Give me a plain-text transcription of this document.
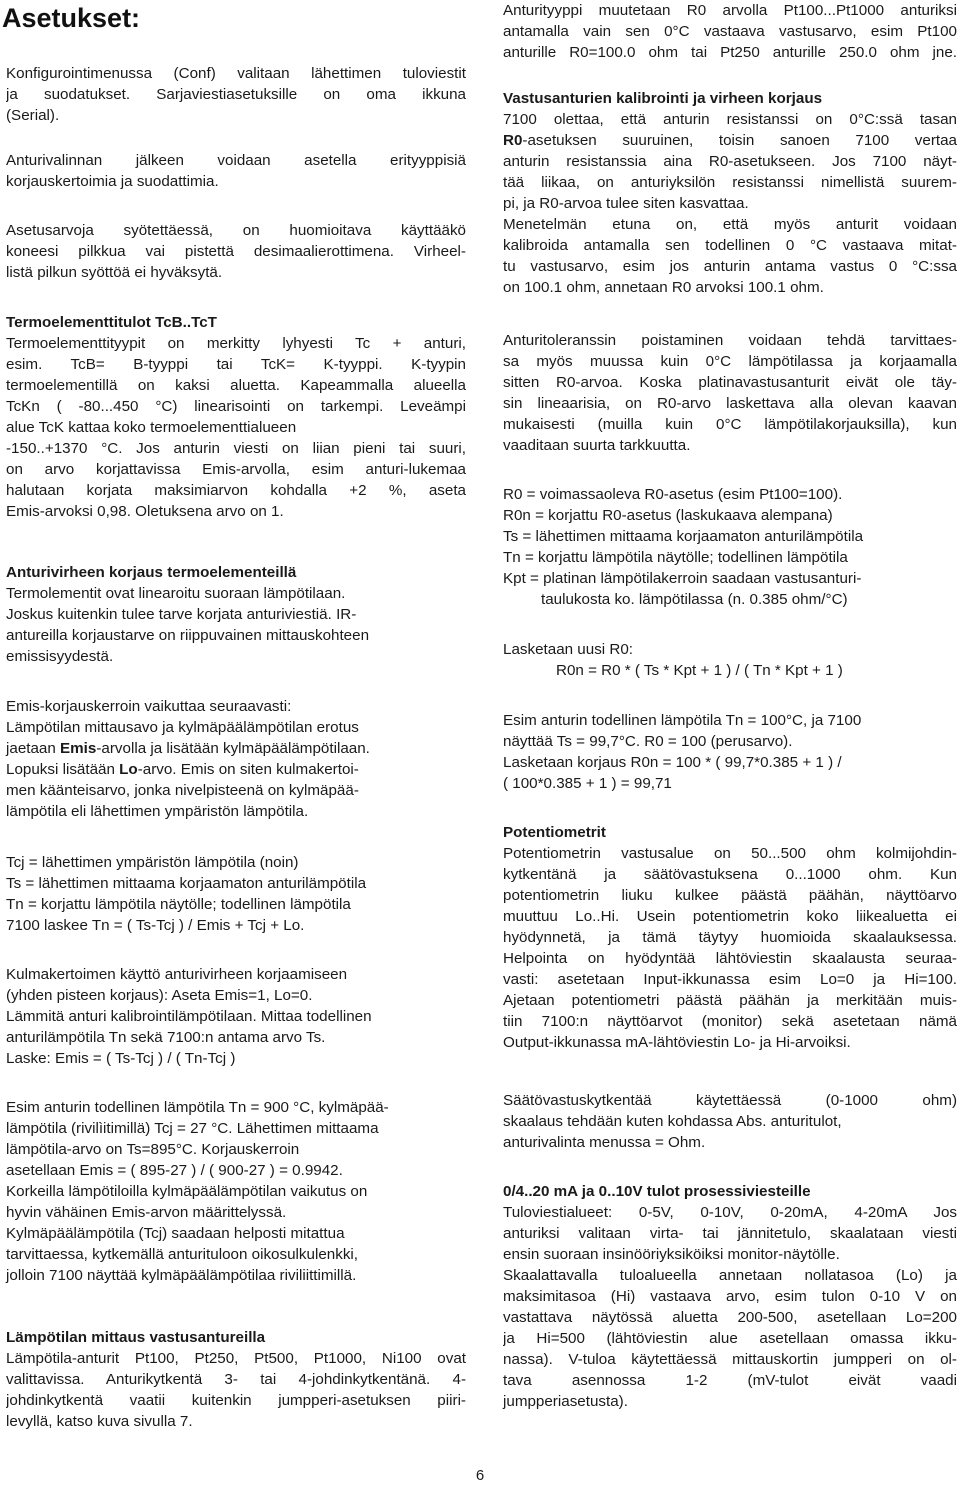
Asetukset:
Konfigurointimenussa (Conf) valitaan lähettimen tuloviestit
ja suodatukset. Sarjaviestiasetuksille on oma ikkuna
(Serial).
Anturivalinnan jälkeen voidaan asetella erityyppisiä
korjauskertoimia ja suodattimia.
Asetusarvoja syötettäessä, on huomioitava käyttääkö
koneesi pilkkua vai pistettä desimaalierottimena. Virheel-
listä pilkun syöttöä ei hyväksytä.
Termoelementtitulot TcB..TcT
Termoelementtityypit on merkitty lyhyesti Tc + anturi,
esim. TcB= B-tyyppi tai TcK= K-tyyppi. K-tyypin
termoelementillä on kaksi aluetta. Kapeammalla alueella
TcKn ( -80...450 °C) linearisointi on tarkempi. Leveämpi
alue TcK kattaa koko termoelementtialueen
-150..+1370 °C. Jos anturin viesti on liian pieni tai suuri,
on arvo korjattavissa Emis-arvolla, esim anturi-lukemaa
halutaan korjata maksimiarvon kohdalla +2 %, aseta
Emis-arvoksi 0,98. Oletuksena arvo on 1.
Anturivirheen korjaus termoelementeillä
Termolementit ovat linearoitu suoraan lämpötilaan.
Joskus kuitenkin tulee tarve korjata anturiviestiä. IR-
antureilla korjaustarve on riippuvainen mittauskohteen
emissisyydestä.
Emis-korjauskerroin vaikuttaa seuraavasti:
Lämpötilan mittausavo ja kylmäpäälämpötilan erotus
jaetaan Emis-arvolla ja lisätään kylmäpäälämpötilaan.
Lopuksi lisätään Lo-arvo. Emis on siten kulmakertoi-
men käänteisarvo, jonka nivelpisteenä on kylmäpää-
lämpötila eli lähettimen ympäristön lämpötila.
Tcj = lähettimen ympäristön lämpötila (noin)
Ts = lähettimen mittaama korjaamaton anturilämpötila
Tn = korjattu lämpötila näytölle; todellinen lämpötila
7100 laskee Tn = ( Ts-Tcj ) / Emis + Tcj + Lo.
Kulmakertoimen käyttö anturivirheen korjaamiseen
(yhden pisteen korjaus): Aseta Emis=1, Lo=0.
Lämmitä anturi kalibrointilämpötilaan. Mittaa todellinen
anturilämpötila Tn sekä 7100:n antama arvo Ts.
Laske: Emis = ( Ts-Tcj ) / ( Tn-Tcj )
Esim anturin todellinen lämpötila Tn = 900 °C, kylmäpää-
lämpötila (rivilìitimillä) Tcj = 27 °C. Lähettimen mittaama
lämpötila-arvo on Ts=895°C. Korjauskerroin
asetellaan Emis = ( 895-27 ) / ( 900-27 ) = 0.9942.
Korkeilla lämpötiloilla kylmäpäälämpötilan vaikutus on
hyvin vähäinen Emis-arvon määrittelyssä.
Kylmäpäälämpötila (Tcj) saadaan helposti mitattua
tarvittaessa, kytkemällä anturituloon oikosulkulenkki,
jolloin 7100 näyttää kylmäpäälämpötilaa riviliittimillä.
Lämpötilan mittaus vastusantureilla
Lämpötila-anturit Pt100, Pt250, Pt500, Pt1000, Ni100 ovat
valittavissa. Anturikytkentä 3- tai 4-johdinkytkentänä. 4-
johdinkytkentä vaatii kuitenkin jumpperi-asetuksen piiri-
levyllä, katso kuva sivulla 7.
Anturityyppi muutetaan R0 arvolla Pt100...Pt1000 anturiksi
antamalla vain sen 0°C vastaava vastusarvo, esim Pt100
anturille R0=100.0 ohm tai Pt250 anturille 250.0 ohm jne.
Vastusanturien kalibrointi ja virheen korjaus
7100 olettaa, että anturin resistanssi on 0°C:ssä tasan
R0-asetuksen suuruinen, toisin sanoen 7100 vertaa
anturin resistanssia aina R0-asetukseen. Jos 7100 näyt-
tää liikaa, on anturiyksilön resistanssi nimellistä suurem-
pi, ja R0-arvoa tulee siten kasvattaa.
Menetelmän etuna on, että myös anturit voidaan
kalibroida antamalla sen todellinen 0 °C vastaava mitat-
tu vastusarvo, esim jos anturin antama vastus 0 °C:ssa
on 100.1 ohm, annetaan R0 arvoksi 100.1 ohm.
Anturitoleranssin poistaminen voidaan tehdä tarvittaes-
sa myös muussa kuin 0°C lämpötilassa ja korjaamalla
sitten R0-arvoa. Koska platinavastusanturit eivät ole täy-
sin lineaarisia, on R0-arvo laskettava alla olevan kaavan
mukaisesti (muilla kuin 0°C lämpötilakorjauksilla), kun
vaaditaan suurta tarkkuutta.
R0 = voimassaoleva R0-asetus (esim Pt100=100).
R0n = korjattu R0-asetus (laskukaava alempana)
Ts = lähettimen mittaama korjaamaton anturilämpötila
Tn = korjattu lämpötila näytölle; todellinen lämpötila
Kpt = platinan lämpötilakerroin saadaan vastusanturi-
taulukosta ko. lämpötilassa (n. 0.385 ohm/°C)
Lasketaan uusi R0:
R0n = R0 * ( Ts * Kpt + 1 ) / ( Tn * Kpt + 1 )
Esim anturin todellinen lämpötila Tn = 100°C, ja 7100
näyttää Ts = 99,7°C. R0 = 100 (perusarvo).
Lasketaan korjaus R0n = 100 * ( 99,7*0.385 + 1 ) /
( 100*0.385 + 1 ) = 99,71
Potentiometrit
Potentiometrin vastusalue on 50...500 ohm kolmijohdin-
kytkentänä ja säätövastuksena 0...1000 ohm. Kun
potentiometrin liuku kulkee päästä päähän, näyttöarvo
muuttuu Lo..Hi. Usein potentiometrin koko liikealuetta ei
hyödynnetä, ja tämä täytyy huomioida skaalauksessa.
Helpointa on hyödyntää lähtöviestin skaalausta seuraa-
vasti: asetetaan Input-ikkunassa esim Lo=0 ja Hi=100.
Ajetaan potentiometri päästä päähän ja merkitään muis-
tiin 7100:n näyttöarvot (monitor) sekä asetetaan nämä
Output-ikkunassa mA-lähtöviestin Lo- ja Hi-arvoiksi.
Säätövastuskytkentää käytettäessä (0-1000 ohm)
skaalaus tehdään kuten kohdassa Abs. anturitulot,
anturivalinta menussa = Ohm.
0/4..20 mA ja 0..10V tulot prosessiviesteille
Tuloviestialueet: 0-5V, 0-10V, 0-20mA, 4-20mA Jos
anturiksi valitaan virta- tai jännitetulo, skaalataan viesti
ensin suoraan insinööriyksiköiksi monitor-näytölle.
Skaalattavalla tuloalueella annetaan nollatasoa (Lo) ja
maksimitasoa (Hi) vastaava arvo, esim tulon 0-10 V on
vastattava näytössä aluetta 200-500, asetellaan Lo=200
ja Hi=500 (lähtöviestin alue asetellaan omassa ikku-
nassa). V-tuloa käytettäessä mittauskortin jumpperi on ol-
tava asennossa 1-2 (mV-tulot eivät vaadi
jumpperiasetusta).
6
